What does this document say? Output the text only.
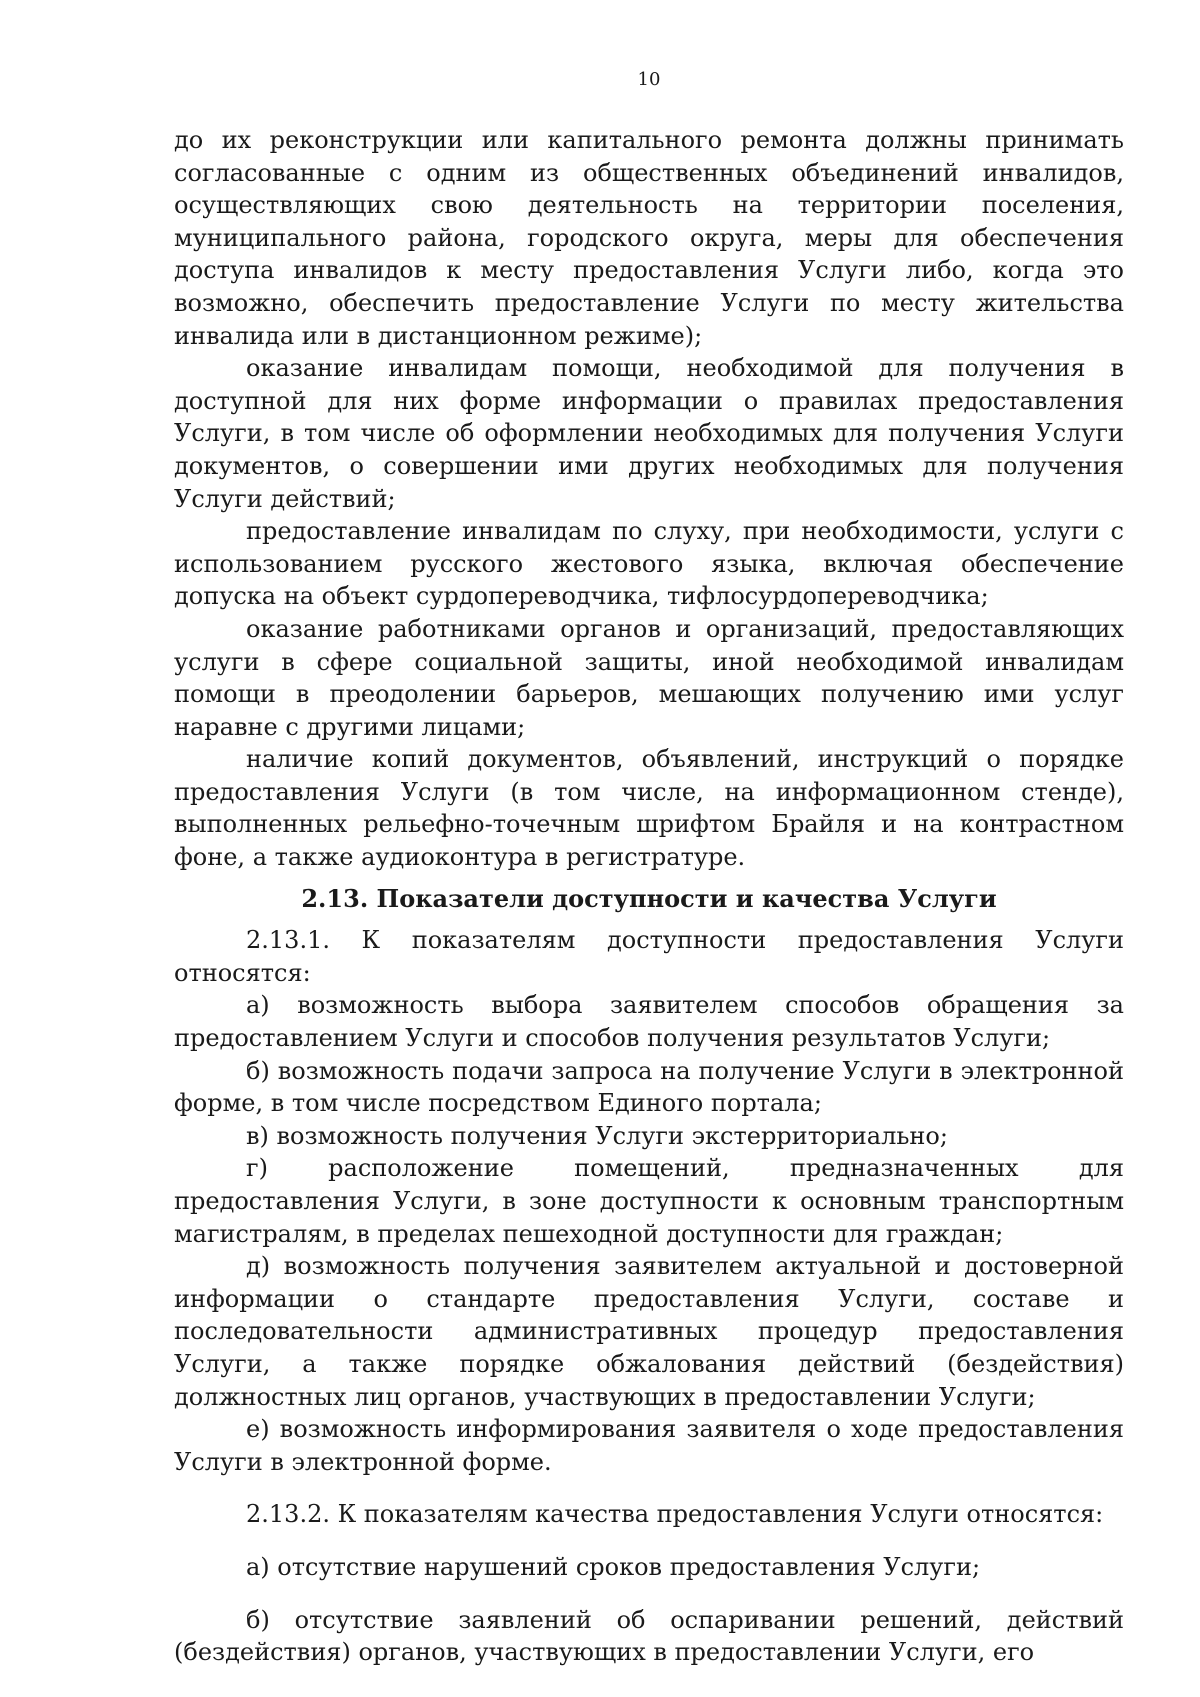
10

до их реконструкции или капитального ремонта должны принимать согласованные с одним из общественных объединений инвалидов, осуществляющих свою деятельность на территории поселения, муниципального района, городского округа, меры для обеспечения доступа инвалидов к месту предоставления Услуги либо, когда это возможно, обеспечить предоставление Услуги по месту жительства инвалида или в дистанционном режиме);

оказание инвалидам помощи, необходимой для получения в доступной для них форме информации о правилах предоставления Услуги, в том числе об оформлении необходимых для получения Услуги документов, о совершении ими других необходимых для получения Услуги действий;

предоставление инвалидам по слуху, при необходимости, услуги с использованием русского жестового языка, включая обеспечение допуска на объект сурдопереводчика, тифлосурдопереводчика;

оказание работниками органов и организаций, предоставляющих услуги в сфере социальной защиты, иной необходимой инвалидам помощи в преодолении барьеров, мешающих получению ими услуг наравне с другими лицами;

наличие копий документов, объявлений, инструкций о порядке предоставления Услуги (в том числе, на информационном стенде), выполненных рельефно-точечным шрифтом Брайля и на контрастном фоне, а также аудиоконтура в регистратуре.

2.13. Показатели доступности и качества Услуги

2.13.1. К показателям доступности предоставления Услуги относятся:

а) возможность выбора заявителем способов обращения за предоставлением Услуги и способов получения результатов Услуги;

б) возможность подачи запроса на получение Услуги в электронной форме, в том числе посредством Единого портала;

в) возможность получения Услуги экстерриториально;

г) расположение помещений, предназначенных для предоставления Услуги, в зоне доступности к основным транспортным магистралям, в пределах пешеходной доступности для граждан;

д) возможность получения заявителем актуальной и достоверной информации о стандарте предоставления Услуги, составе и последовательности административных процедур предоставления Услуги, а также порядке обжалования действий (бездействия) должностных лиц органов, участвующих в предоставлении Услуги;

е) возможность информирования заявителя о ходе предоставления Услуги в электронной форме.

2.13.2. К показателям качества предоставления Услуги относятся:

а) отсутствие нарушений сроков предоставления Услуги;

б) отсутствие заявлений об оспаривании решений, действий (бездействия) органов, участвующих в предоставлении Услуги, его
